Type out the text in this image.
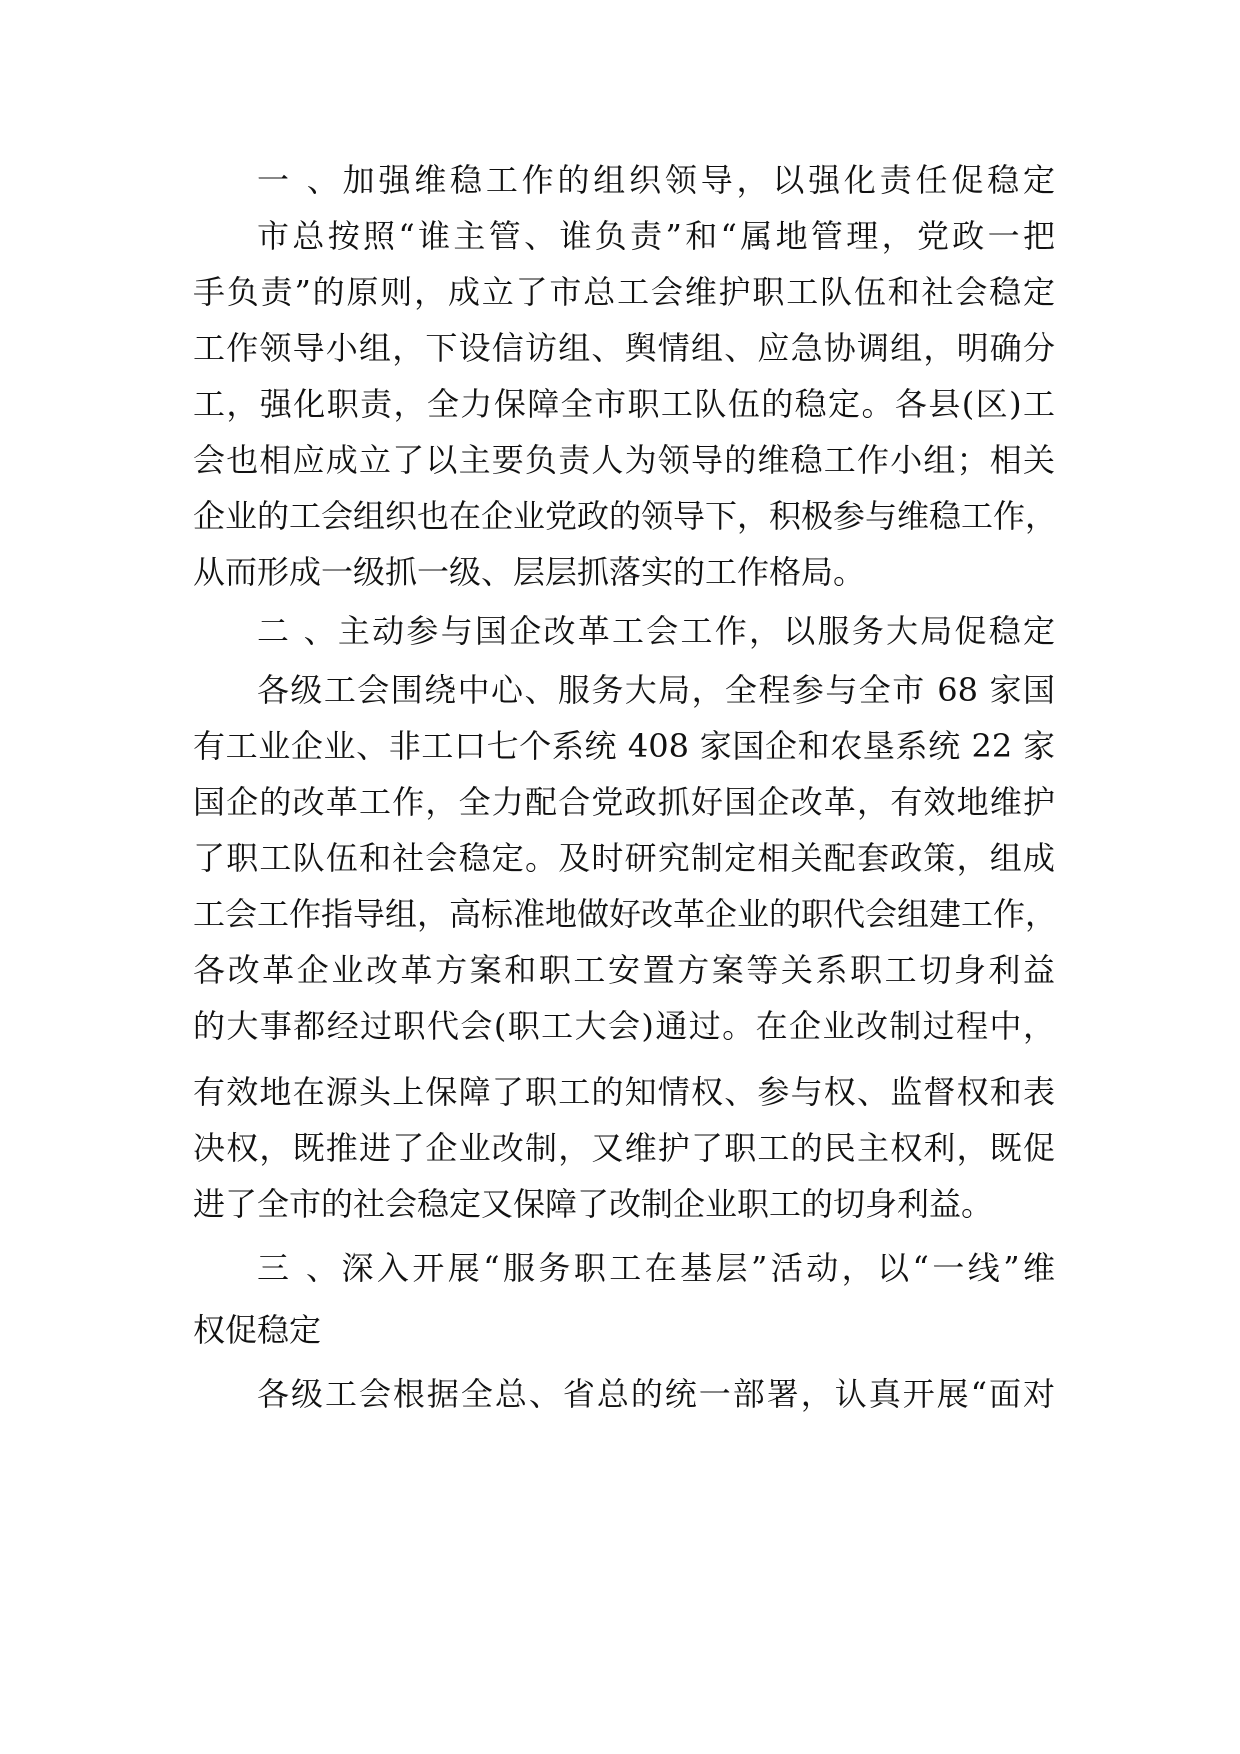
一 、加强维稳工作的组织领导，以强化责任促稳定
市总按照“谁主管、谁负责”和“属地管理，党政一把
手负责”的原则，成立了市总工会维护职工队伍和社会稳定
工作领导小组，下设信访组、舆情组、应急协调组，明确分
工，强化职责，全力保障全市职工队伍的稳定。各县(区)工
会也相应成立了以主要负责人为领导的维稳工作小组；相关
企业的工会组织也在企业党政的领导下，积极参与维稳工作，
从而形成一级抓一级、层层抓落实的工作格局。
二 、主动参与国企改革工会工作，以服务大局促稳定
各级工会围绕中心、服务大局，全程参与全市 68 家国
有工业企业、非工口七个系统 408 家国企和农垦系统 22 家
国企的改革工作，全力配合党政抓好国企改革，有效地维护
了职工队伍和社会稳定。及时研究制定相关配套政策，组成
工会工作指导组，高标准地做好改革企业的职代会组建工作，
各改革企业改革方案和职工安置方案等关系职工切身利益
的大事都经过职代会(职工大会)通过。在企业改制过程中，
有效地在源头上保障了职工的知情权、参与权、监督权和表
决权，既推进了企业改制，又维护了职工的民主权利，既促
进了全市的社会稳定又保障了改制企业职工的切身利益。
三 、深入开展“服务职工在基层”活动，以“一线”维
权促稳定
各级工会根据全总、省总的统一部署，认真开展“面对
